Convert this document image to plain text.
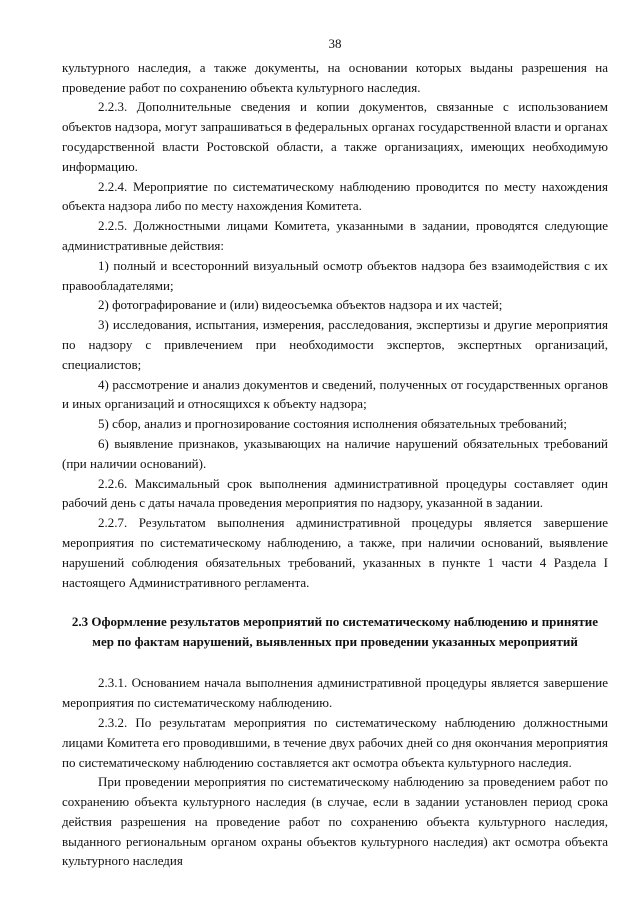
38

культурного наследия, а также документы, на основании которых выданы разрешения на проведение работ по сохранению объекта культурного наследия.

2.2.3. Дополнительные сведения и копии документов, связанные с использованием объектов надзора, могут запрашиваться в федеральных органах государственной власти и органах государственной власти Ростовской области, а также организациях, имеющих необходимую информацию.

2.2.4. Мероприятие по систематическому наблюдению проводится по месту нахождения объекта надзора либо по месту нахождения Комитета.

2.2.5. Должностными лицами Комитета, указанными в задании, проводятся следующие административные действия:

1) полный и всесторонний визуальный осмотр объектов надзора без взаимодействия с их правообладателями;

2) фотографирование и (или) видеосъемка объектов надзора и их частей;

3) исследования, испытания, измерения, расследования, экспертизы и другие мероприятия по надзору с привлечением при необходимости экспертов, экспертных организаций, специалистов;

4) рассмотрение и анализ документов и сведений, полученных от государственных органов и иных организаций и относящихся к объекту надзора;

5) сбор, анализ и прогнозирование состояния исполнения обязательных требований;

6) выявление признаков, указывающих на наличие нарушений обязательных требований (при наличии оснований).

2.2.6. Максимальный срок выполнения административной процедуры составляет один рабочий день с даты начала проведения мероприятия по надзору, указанной в задании.

2.2.7. Результатом выполнения административной процедуры является завершение мероприятия по систематическому наблюдению, а также, при наличии оснований, выявление нарушений соблюдения обязательных требований, указанных в пункте 1 части 4 Раздела I настоящего Административного регламента.

2.3 Оформление результатов мероприятий по систематическому наблюдению и принятие мер по фактам нарушений, выявленных при проведении указанных мероприятий

2.3.1. Основанием начала выполнения административной процедуры является завершение мероприятия по систематическому наблюдению.

2.3.2. По результатам мероприятия по систематическому наблюдению должностными лицами Комитета его проводившими, в течение двух рабочих дней со дня окончания мероприятия по систематическому наблюдению составляется акт осмотра объекта культурного наследия.

При проведении мероприятия по систематическому наблюдению за проведением работ по сохранению объекта культурного наследия (в случае, если в задании установлен период срока действия разрешения на проведение работ по сохранению объекта культурного наследия, выданного региональным органом охраны объектов культурного наследия) акт осмотра объекта культурного наследия
